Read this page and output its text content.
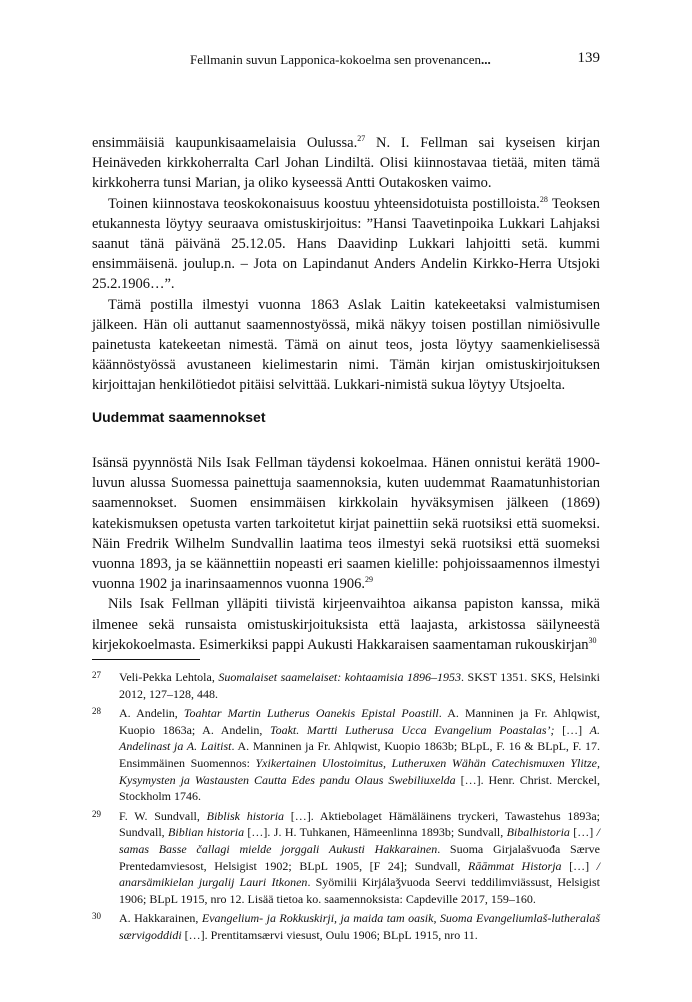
Fellmanin suvun Lapponica-kokoelma sen provenancen...	139

ensimmäisiä kaupunkisaamelaisia Oulussa.$^{27}$ N. I. Fellman sai kyseisen kirjan Heinäveden kirkkoherralta Carl Johan Lindiltä. Olisi kiinnostavaa tietää, miten tämä kirkkoherra tunsi Marian, ja oliko kyseessä Antti Outakosken vaimo.

Toinen kiinnostava teoskokonaisuus koostuu yhteensidotuista postilloista.$^{28}$ Teoksen etukannesta löytyy seuraava omistuskirjoitus: ”Hansi Taavetinpoika Lukkari Lahjaksi saanut tänä päivänä 25.12.05. Hans Daavidinp Lukkari lahjoitti setä. kummi ensimmäisenä. joulup.n. – Jota on Lapindanut Anders Andelin Kirkko-Herra Utsjoki 25.2.1906…”.

Tämä postilla ilmestyi vuonna 1863 Aslak Laitin katekeetaksi valmistumisen jälkeen. Hän oli auttanut saamennostyössä, mikä näkyy toisen postillan nimiösivulle painetusta katekeetan nimestä. Tämä on ainut teos, josta löytyy saamenkielisessä käännöstyössä avustaneen kielimestarin nimi. Tämän kirjan omistuskirjoituksen kirjoittajan henkilötiedot pitäisi selvittää. Lukkari-nimistä sukua löytyy Utsjoelta.

Uudemmat saamennokset

Isänsä pyynnöstä Nils Isak Fellman täydensi kokoelmaa. Hänen onnistui kerätä 1900-luvun alussa Suomessa painettuja saamennoksia, kuten uudemmat Raamatunhistorian saamennokset. Suomen ensimmäisen kirkkolain hyväksymisen jälkeen (1869) katekismuksen opetusta varten tarkoitetut kirjat painettiin sekä ruotsiksi että suomeksi. Näin Fredrik Wilhelm Sundvallin laatima teos ilmestyi sekä ruotsiksi että suomeksi vuonna 1893, ja se käännettiin nopeasti eri saamen kielille: pohjoissaamennos ilmestyi vuonna 1902 ja inarinsaamennos vuonna 1906.29

Nils Isak Fellman ylläpiti tiivistä kirjeenvaihtoa aikansa papiston kanssa, mikä ilmenee sekä runsaista omistuskirjoituksista että laajasta, arkistossa säilyneestä kirjekokoelmasta. Esimerkiksi pappi Aukusti Hakkaraisen saamentaman rukouskirjan$^{30}$

27 Veli-Pekka Lehtola, Suomalaiset saamelaiset: kohtaamisia 1896–1953. SKST 1351. SKS, Helsinki 2012, 127–128, 448.
28 A. Andelin, Toahtar Martin Lutherus Oanekis Epistal Poastill. A. Manninen ja Fr. Ahlqwist, Kuopio 1863a; A. Andelin, Toakt. Martti Lutherusa Ucca Evangelium Poastalas’; […] A. Andelinast ja A. Laitist. A. Manninen ja Fr. Ahlqwist, Kuopio 1863b; BLpL, F. 16 & BLpL, F. 17. Ensimmäinen Suomennos: Yxikertainen Ulostoimitus, Lutheruxen Wähän Catechismuxen Ylitze, Kysymysten ja Wastausten Cautta Edes pandu Olaus Swebiliuxelda […]. Henr. Christ. Merckel, Stockholm 1746.
29 F. W. Sundvall, Biblisk historia […]. Aktiebolaget Hämäläinens tryckeri, Tawastehus 1893a; Sundvall, Biblian historia […]. J. H. Tuhkanen, Hämeenlinna 1893b; Sundvall, Bibalhistoria […] / samas Basse čallagi mielde jorggali Aukusti Hakkarainen. Suoma Girjalašvuođa Særve Prentedamviesost, Helsigist 1902; BLpL 1905, [F 24]; Sundvall, Rāāmmat Historja […] / anarsämikielan jurgalij Lauri Itkonen. Syömilii Kirjálaǯvuoda Seervi teddilimviässust, Helsigist 1906; BLpL 1915, nro 12. Lisää tietoa ko. saamennoksista: Capdeville 2017, 159–160.
30 A. Hakkarainen, Evangelium- ja Rokkuskirji, ja maida tam oasik, Suoma Evangeliumlaš-lutheralaš særvigoddidi […]. Prentitamsærvi viesust, Oulu 1906; BLpL 1915, nro 11.
